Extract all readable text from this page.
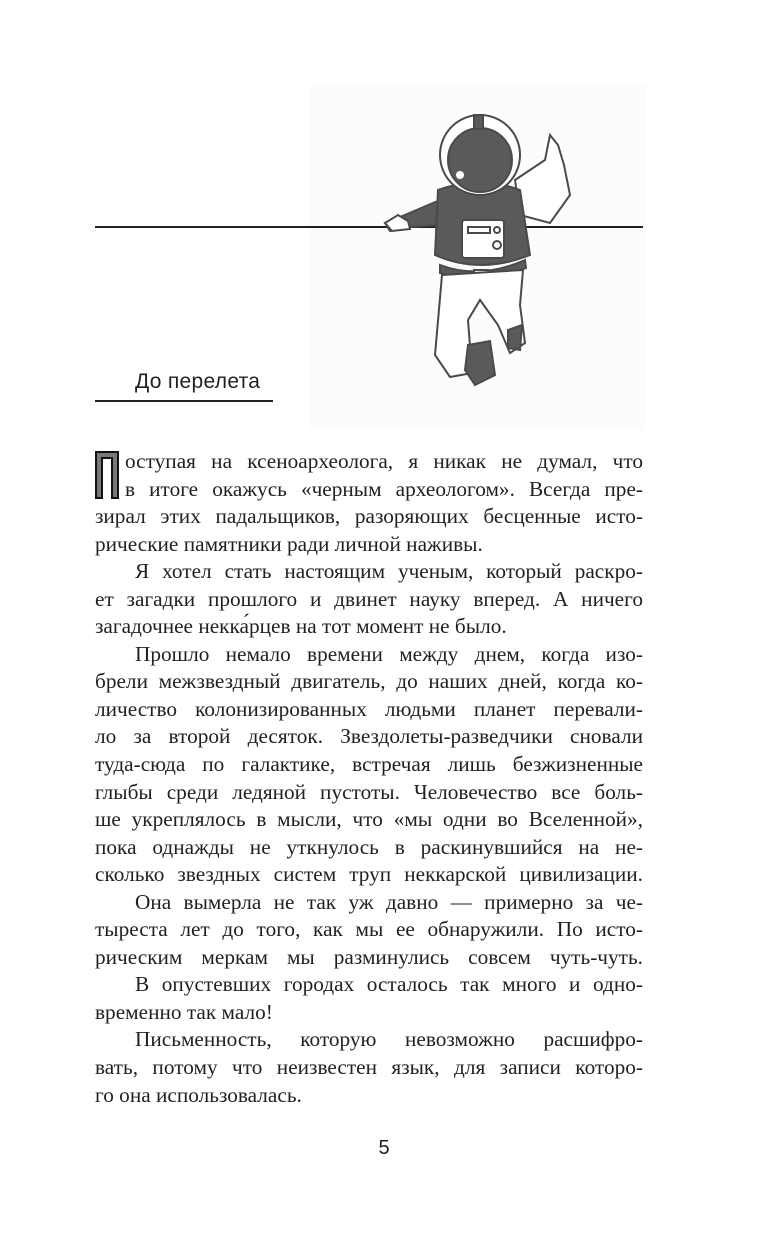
До перелета
оступая на ксеноархеолога, я никак не думал, что
в итоге окажусь «черным археологом». Всегда пре-
зирал этих падальщиков, разоряющих бесценные исто-
рические памятники ради личной наживы.
Я хотел стать настоящим ученым, который раскро-
ет загадки прошлого и двинет науку вперед. А ничего
загадочнее некка́рцев на тот момент не было.
Прошло немало времени между днем, когда изо-
брели межзвездный двигатель, до наших дней, когда ко-
личество колонизированных людьми планет перевали-
ло за второй десяток. Звездолеты-разведчики сновали
туда-сюда по галактике, встречая лишь безжизненные
глыбы среди ледяной пустоты. Человечество все боль-
ше укреплялось в мысли, что «мы одни во Вселенной»,
пока однажды не уткнулось в раскинувшийся на не-
сколько звездных систем труп неккарской цивилизации.
Она вымерла не так уж давно — примерно за че-
тыреста лет до того, как мы ее обнаружили. По исто-
рическим меркам мы разминулись совсем чуть-чуть.
В опустевших городах осталось так много и одно-
временно так мало!
Письменность, которую невозможно расшифро-
вать, потому что неизвестен язык, для записи которо-
го она использовалась.
5
